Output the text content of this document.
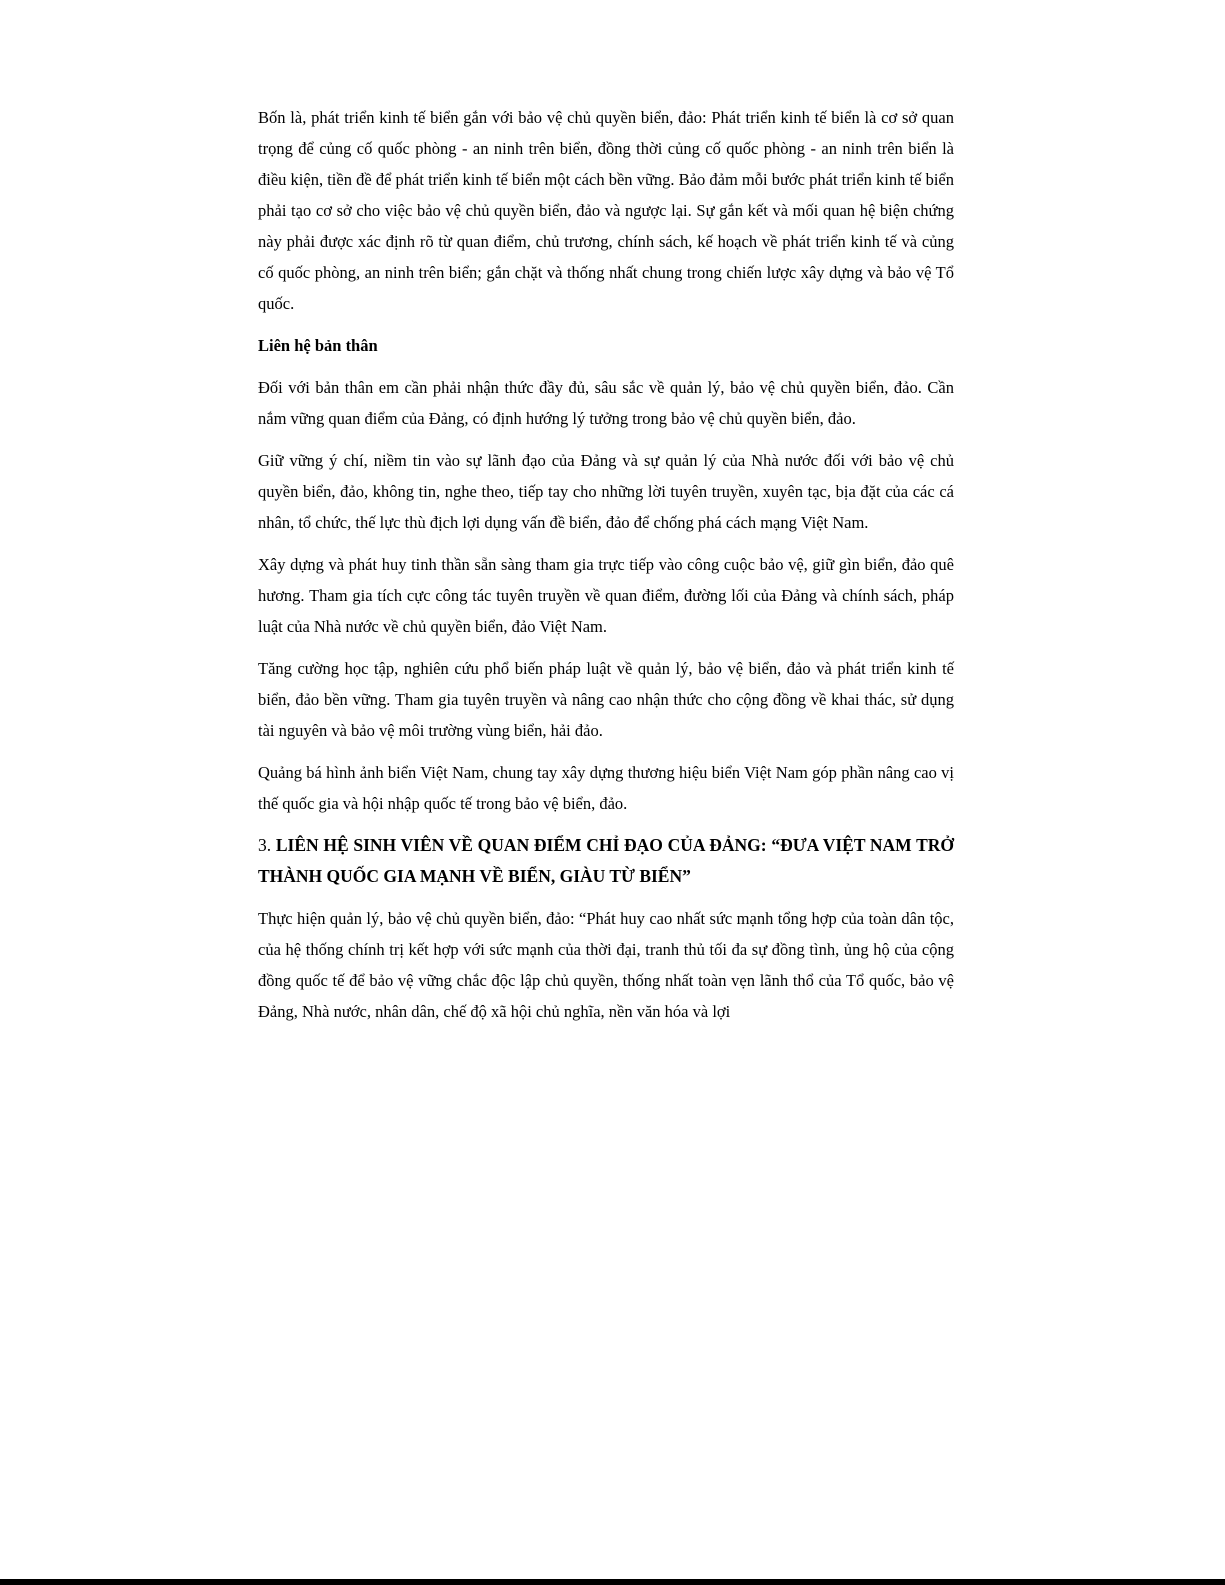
Bốn là, phát triển kinh tế biển gắn với bảo vệ chủ quyền biển, đảo: Phát triển kinh tế biển là cơ sở quan trọng để củng cố quốc phòng - an ninh trên biển, đồng thời củng cố quốc phòng - an ninh trên biển là điều kiện, tiền đề để phát triển kinh tế biển một cách bền vững. Bảo đảm mỗi bước phát triển kinh tế biển phải tạo cơ sở cho việc bảo vệ chủ quyền biển, đảo và ngược lại. Sự gắn kết và mối quan hệ biện chứng này phải được xác định rõ từ quan điểm, chủ trương, chính sách, kế hoạch về phát triển kinh tế và củng cố quốc phòng, an ninh trên biển; gắn chặt và thống nhất chung trong chiến lược xây dựng và bảo vệ Tổ quốc.

Liên hệ bản thân

Đối với bản thân em cần phải nhận thức đầy đủ, sâu sắc về quản lý, bảo vệ chủ quyền biển, đảo. Cần nắm vững quan điểm của Đảng, có định hướng lý tưởng trong bảo vệ chủ quyền biển, đảo.

Giữ vững ý chí, niềm tin vào sự lãnh đạo của Đảng và sự quản lý của Nhà nước đối với bảo vệ chủ quyền biển, đảo, không tin, nghe theo, tiếp tay cho những lời tuyên truyền, xuyên tạc, bịa đặt của các cá nhân, tổ chức, thế lực thù địch lợi dụng vấn đề biển, đảo để chống phá cách mạng Việt Nam.

Xây dựng và phát huy tinh thần sẵn sàng tham gia trực tiếp vào công cuộc bảo vệ, giữ gìn biển, đảo quê hương. Tham gia tích cực công tác tuyên truyền về quan điểm, đường lối của Đảng và chính sách, pháp luật của Nhà nước về chủ quyền biển, đảo Việt Nam.

Tăng cường học tập, nghiên cứu phổ biến pháp luật về quản lý, bảo vệ biển, đảo và phát triển kinh tế biển, đảo bền vững. Tham gia tuyên truyền và nâng cao nhận thức cho cộng đồng về khai thác, sử dụng tài nguyên và bảo vệ môi trường vùng biển, hải đảo.

Quảng bá hình ảnh biển Việt Nam, chung tay xây dựng thương hiệu biển Việt Nam góp phần nâng cao vị thế quốc gia và hội nhập quốc tế trong bảo vệ biển, đảo.

3. LIÊN HỆ SINH VIÊN VỀ QUAN ĐIỂM CHỈ ĐẠO CỦA ĐẢNG: “ĐƯA VIỆT NAM TRỞ THÀNH QUỐC GIA MẠNH VỀ BIỂN, GIÀU TỪ BIỂN”

Thực hiện quản lý, bảo vệ chủ quyền biển, đảo: “Phát huy cao nhất sức mạnh tổng hợp của toàn dân tộc, của hệ thống chính trị kết hợp với sức mạnh của thời đại, tranh thủ tối đa sự đồng tình, ủng hộ của cộng đồng quốc tế để bảo vệ vững chắc độc lập chủ quyền, thống nhất toàn vẹn lãnh thổ của Tổ quốc, bảo vệ Đảng, Nhà nước, nhân dân, chế độ xã hội chủ nghĩa, nền văn hóa và lợi
